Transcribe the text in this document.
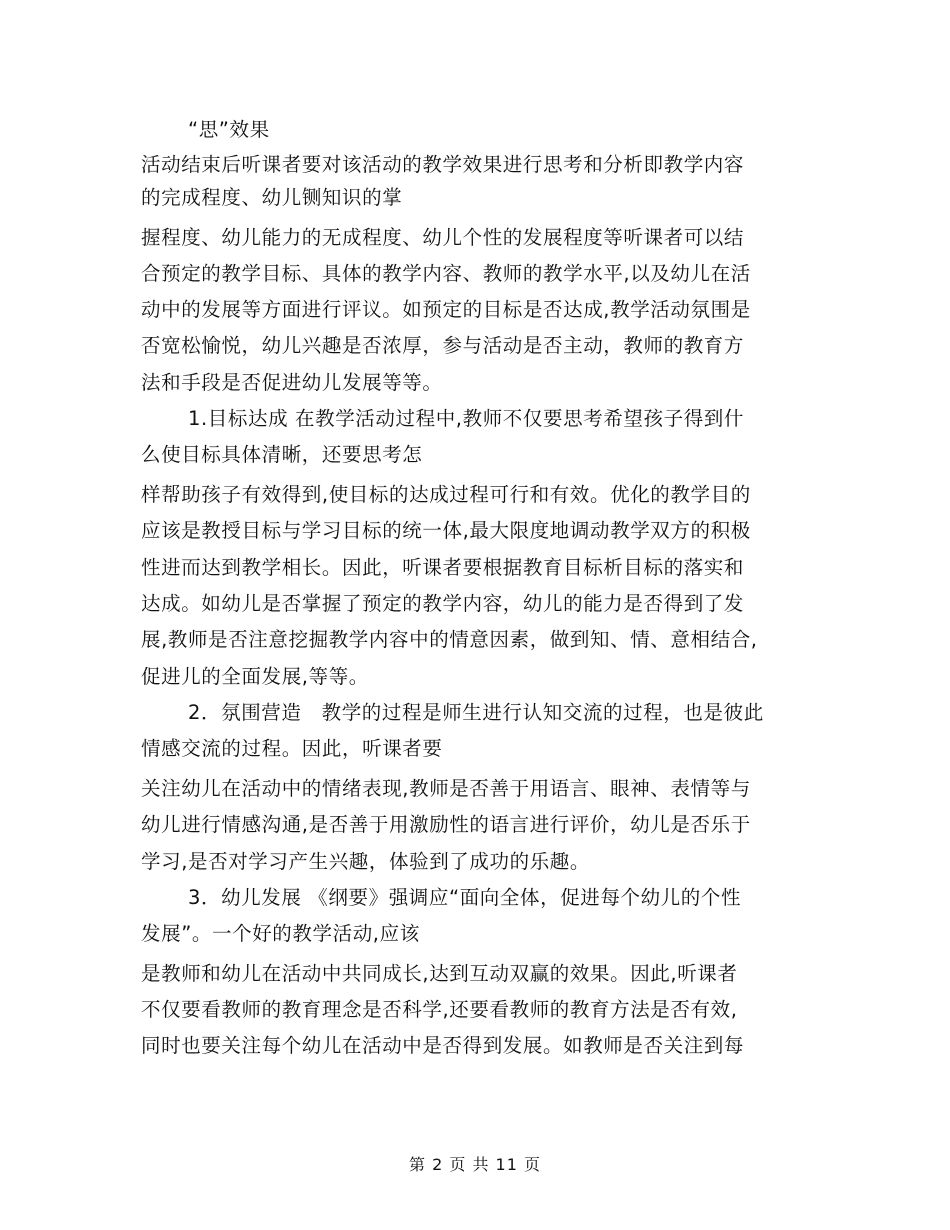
“思”效果
活动结束后听课者要对该活动的教学效果进行思考和分析即教学内容
的完成程度、幼儿铡知识的掌
握程度、幼儿能力的无成程度、幼儿个性的发展程度等听课者可以结
合预定的教学目标、具体的教学内容、教师的教学水平,以及幼儿在活
动中的发展等方面进行评议。如预定的目标是否达成,教学活动氛围是
否宽松愉悦，幼儿兴趣是否浓厚，参与活动是否主动，教师的教育方
法和手段是否促进幼儿发展等等。
1.目标达成 在教学活动过程中,教师不仅要思考希望孩子得到什
么使目标具体清晰，还要思考怎
样帮助孩子有效得到,使目标的达成过程可行和有效。优化的教学目的
应该是教授目标与学习目标的统一体,最大限度地调动教学双方的积极
性进而达到教学相长。因此，听课者要根据教育目标析目标的落实和
达成。如幼儿是否掌握了预定的教学内容，幼儿的能力是否得到了发
展,教师是否注意挖掘教学内容中的情意因素，做到知、情、意相结合,
促进儿的全面发展,等等。
2．氛围营造　教学的过程是师生进行认知交流的过程，也是彼此
情感交流的过程。因此，听课者要
关注幼儿在活动中的情绪表现,教师是否善于用语言、眼神、表情等与
幼儿进行情感沟通,是否善于用激励性的语言进行评价，幼儿是否乐于
学习,是否对学习产生兴趣，体验到了成功的乐趣。
3．幼儿发展 《纲要》强调应“面向全体，促进每个幼儿的个性
发展”。一个好的教学活动,应该
是教师和幼儿在活动中共同成长,达到互动双赢的效果。因此,听课者
不仅要看教师的教育理念是否科学,还要看教师的教育方法是否有效,
同时也要关注每个幼儿在活动中是否得到发展。如教师是否关注到每
第 2 页 共 11 页
